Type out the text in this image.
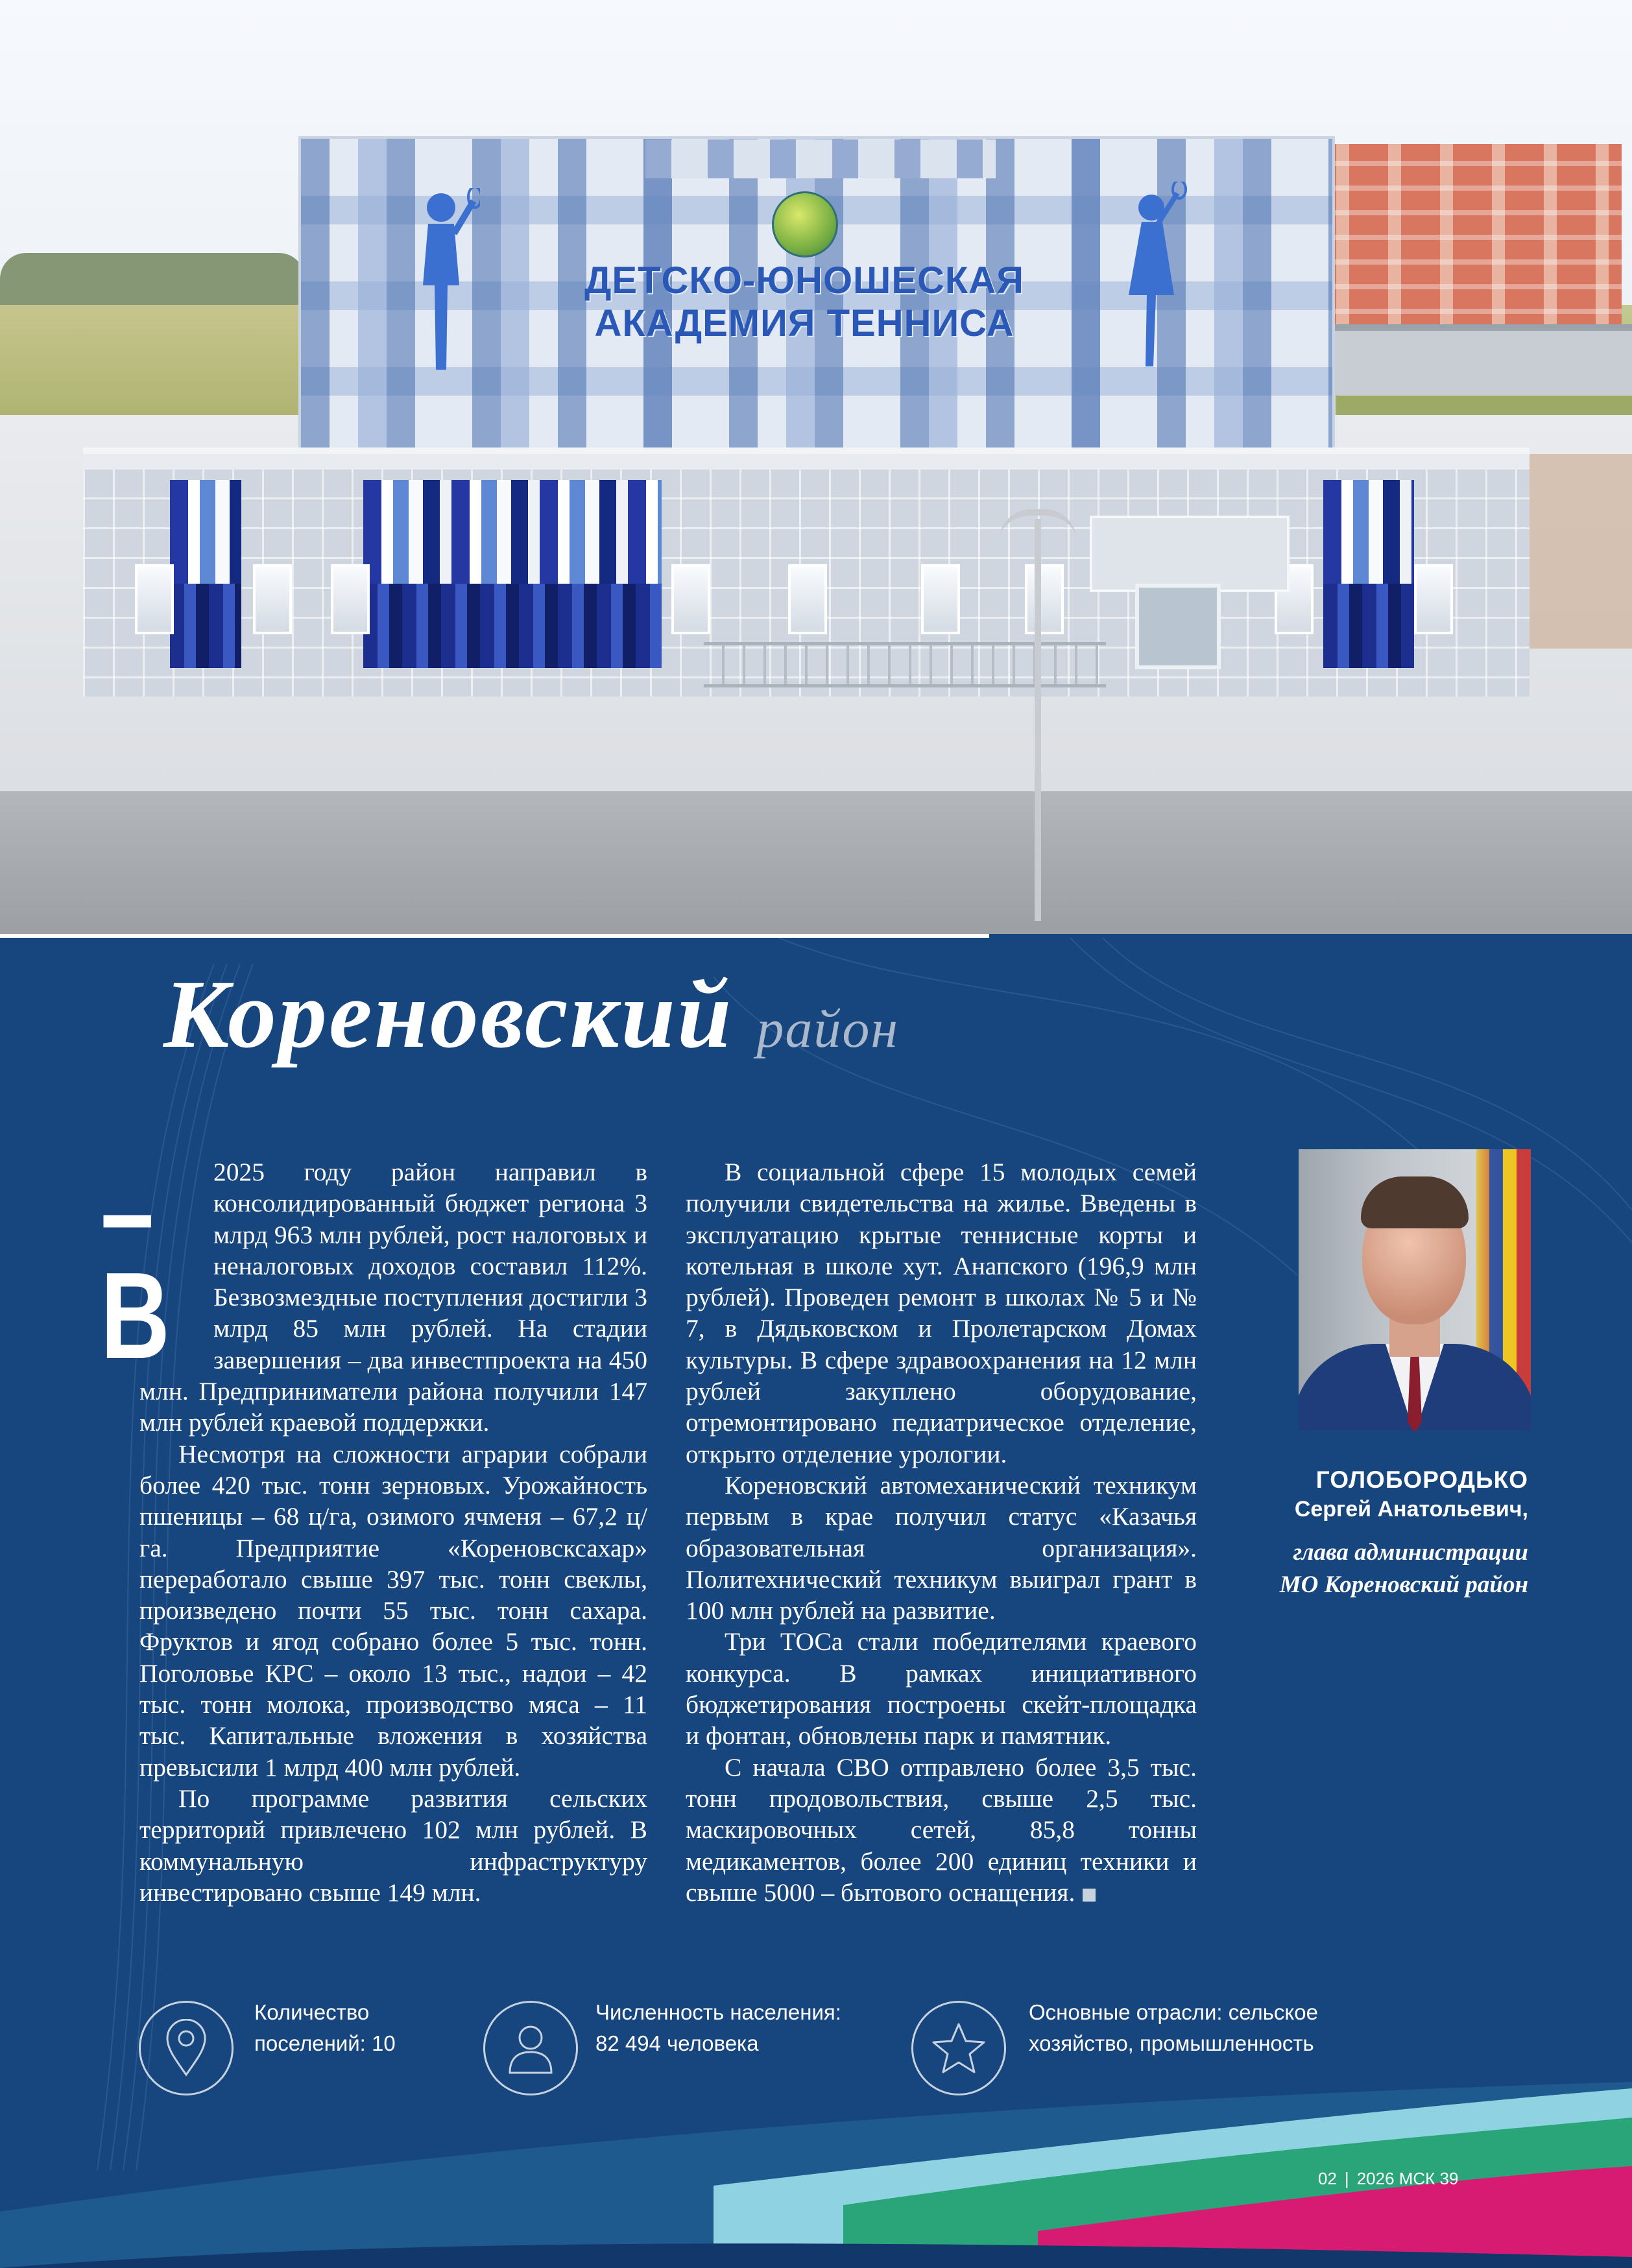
ДЕТСКО-ЮНОШЕСКАЯ
АКАДЕМИЯ ТЕННИСА
Кореновский район
–В

2025 году район направил в консолидированный бюджет региона 3 млрд 963 млн рублей, рост налоговых и неналоговых доходов составил 112%. Безвозмездные поступления достигли 3 млрд 85 млн рублей. На стадии завершения – два инвестпроекта на 450 млн. Предприниматели района получили 147 млн рублей краевой поддержки.

Несмотря на сложности аграрии собрали более 420 тыс. тонн зерновых. Урожайность пшеницы – 68 ц/га, озимого ячменя – 67,2 ц/га. Предприятие «Кореновсксахар» переработало свыше 397 тыс. тонн свеклы, произведено почти 55 тыс. тонн сахара. Фруктов и ягод собрано более 5 тыс. тонн. Поголовье КРС – около 13 тыс., надои – 42 тыс. тонн молока, производство мяса – 11 тыс. Капитальные вложения в хозяйства превысили 1 млрд 400 млн рублей.

По программе развития сельских территорий привлечено 102 млн рублей. В коммунальную инфраструктуру инвестировано свыше 149 млн.

В социальной сфере 15 молодых семей получили свидетельства на жилье. Введены в эксплуатацию крытые теннисные корты и котельная в школе хут. Анапского (196,9 млн рублей). Проведен ремонт в школах № 5 и № 7, в Дядьковском и Пролетарском Домах культуры. В сфере здравоохранения на 12 млн рублей закуплено оборудование, отремонтировано педиатрическое отделение, открыто отделение урологии.

Кореновский автомеханический техникум первым в крае получил статус «Казачья образовательная организация». Политехнический техникум выиграл грант в 100 млн рублей на развитие.

Три ТОСа стали победителями краевого конкурса. В рамках инициативного бюджетирования построены скейт-площадка и фонтан, обновлены парк и памятник.

С начала СВО отправлено более 3,5 тыс. тонн продовольствия, свыше 2,5 тыс. маскировочных сетей, 85,8 тонны медикаментов, более 200 единиц техники и свыше 5000 – бытового оснащения.

ГОЛОБОРОДЬКО
Сергей Анатольевич,
глава администрации
МО Кореновский район
Количество
поселений: 10
Численность населения:
82 494 человека
Основные отрасли: сельское
хозяйство, промышленность
02 | 2026 МСК 39
